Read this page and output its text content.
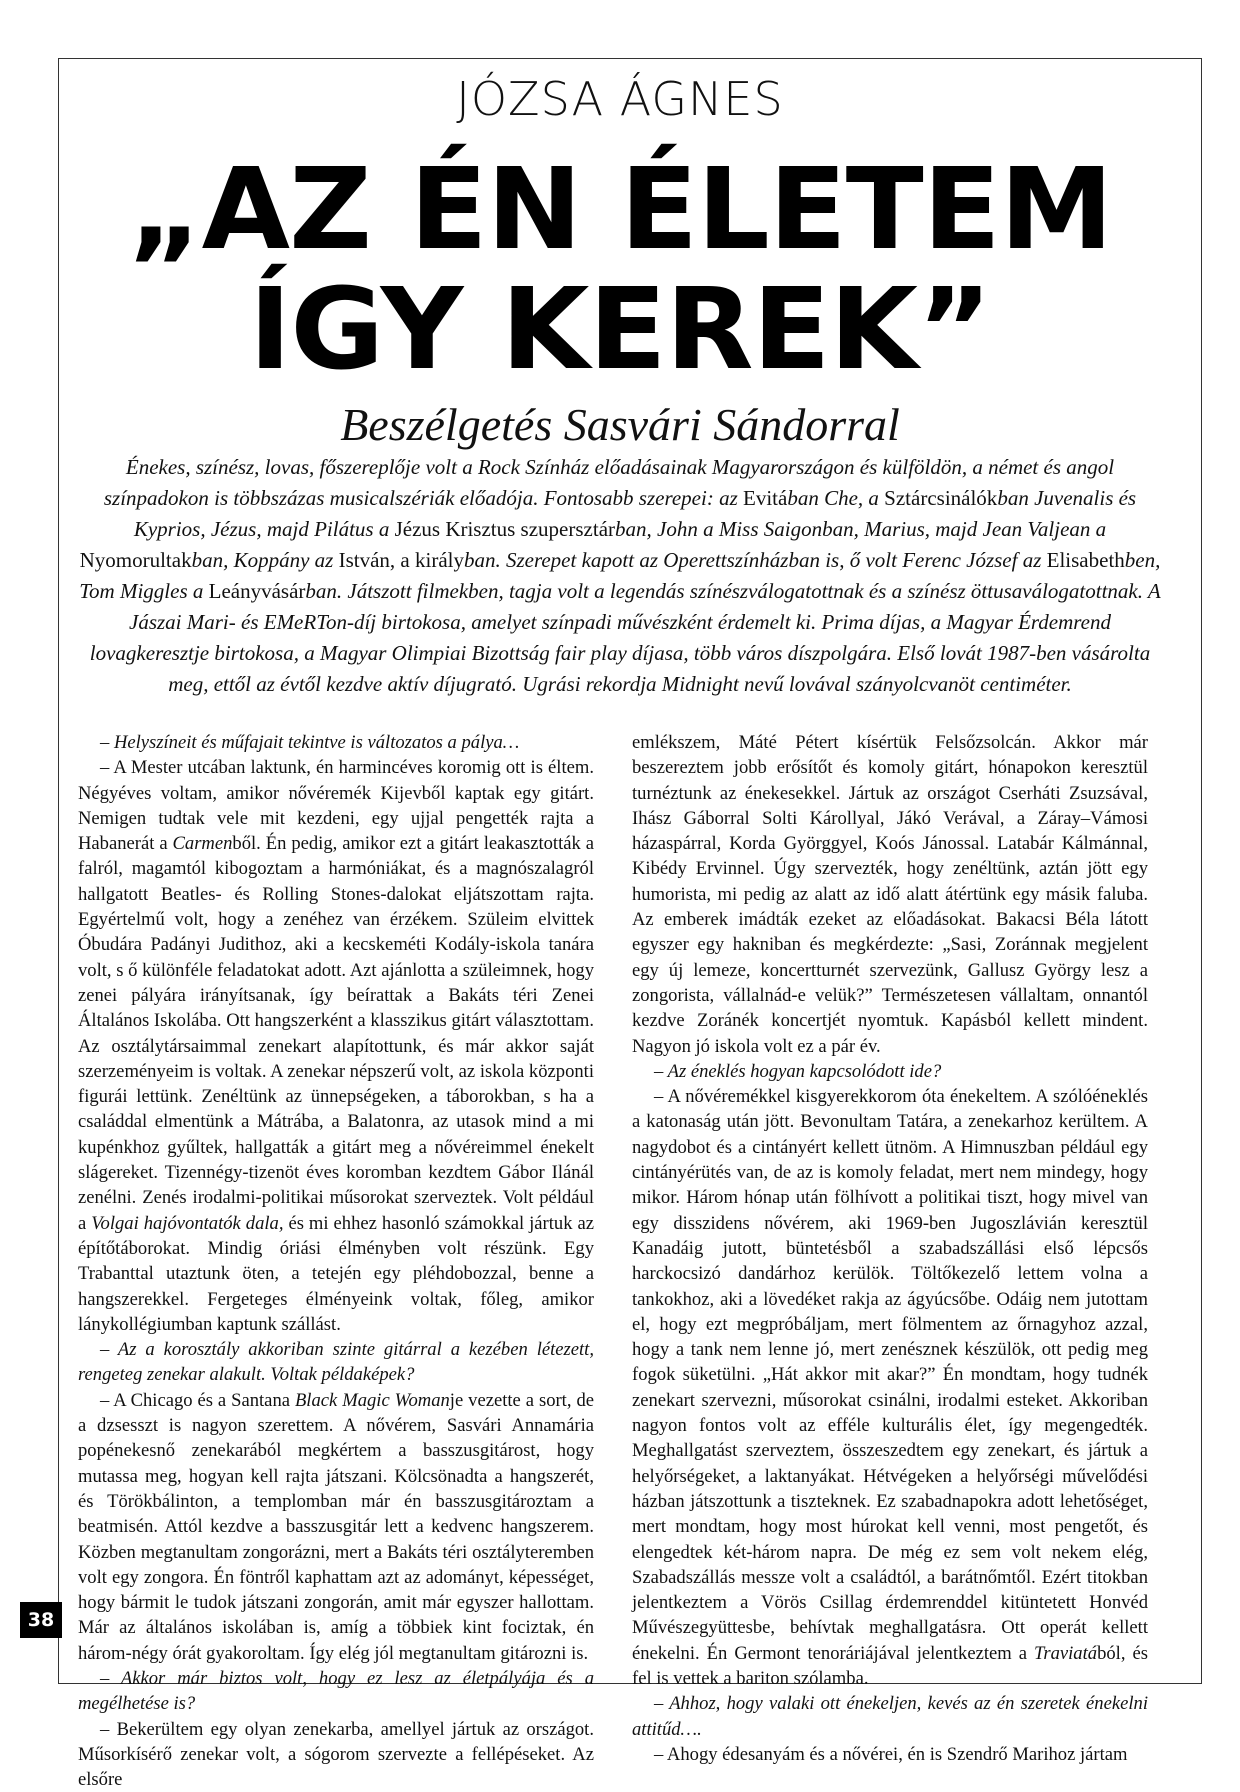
JÓZSA ÁGNES
„AZ ÉN ÉLETEM
ÍGY KEREK”
Beszélgetés Sasvári Sándorral
Énekes, színész, lovas, főszereplője volt a Rock Színház előadásainak Magyarországon és külföldön, a német és angol színpadokon is többszázas musicalszériák előadója. Fontosabb szerepei: az Evitában Che, a Sztárcsinálókban Juvenalis és Kyprios, Jézus, majd Pilátus a Jézus Krisztus szupersztárban, John a Miss Saigonban, Marius, majd Jean Valjean a Nyomorultakban, Koppány az István, a királyban. Szerepet kapott az Operettszínházban is, ő volt Ferenc József az Elisabethben, Tom Miggles a Leányvásárban. Játszott filmekben, tagja volt a legendás színészválogatottnak és a színész öttusaválogatottnak. A Jászai Mari- és EMeRTon-díj birtokosa, amelyet színpadi művészként érdemelt ki. Prima díjas, a Magyar Érdemrend lovagkeresztje birtokosa, a Magyar Olimpiai Bizottság fair play díjasa, több város díszpolgára. Első lovát 1987-ben vásárolta meg, ettől az évtől kezdve aktív díjugrató. Ugrási rekordja Midnight nevű lovával szányolcvanöt centiméter.

– Helyszíneit és műfajait tekintve is változatos a pálya…

– A Mester utcában laktunk, én harmincéves koromig ott is éltem. Négyéves voltam, amikor nővéremék Kijevből kaptak egy gitárt. Nemigen tudtak vele mit kezdeni, egy ujjal pengették rajta a Habanerát a Carmenből. Én pedig, amikor ezt a gitárt leakasztották a falról, magamtól kibogoztam a harmóniákat, és a magnószalagról hallgatott Beatles- és Rolling Stones-dalokat eljátszottam rajta. Egyértelmű volt, hogy a zenéhez van érzékem. Szüleim elvittek Óbudára Padányi Judithoz, aki a kecskeméti Kodály-iskola tanára volt, s ő különféle feladatokat adott. Azt ajánlotta a szüleimnek, hogy zenei pályára irányítsanak, így beírattak a Bakáts téri Zenei Általános Iskolába. Ott hangszerként a klasszikus gitárt választottam. Az osztálytársaimmal zenekart alapítottunk, és már akkor saját szerzeményeim is voltak. A zenekar népszerű volt, az iskola központi figurái lettünk. Zenéltünk az ünnepségeken, a táborokban, s ha a családdal elmentünk a Mátrába, a Balatonra, az utasok mind a mi kupénkhoz gyűltek, hallgatták a gitárt meg a nővéreimmel énekelt slágereket. Tizennégy-tizenöt éves koromban kezdtem Gábor Ilánál zenélni. Zenés irodalmi-politikai műsorokat szerveztek. Volt például a Volgai hajóvontatók dala, és mi ehhez hasonló számokkal jártuk az építőtáborokat. Mindig óriási élményben volt részünk. Egy Trabanttal utaztunk öten, a tetején egy pléhdobozzal, benne a hangszerekkel. Fergeteges élményeink voltak, főleg, amikor lánykollégiumban kaptunk szállást.

– Az a korosztály akkoriban szinte gitárral a kezében létezett, rengeteg zenekar alakult. Voltak példaképek?

– A Chicago és a Santana Black Magic Womanje vezette a sort, de a dzsesszt is nagyon szerettem. A nővérem, Sasvári Annamária popénekesnő zenekarából megkértem a basszusgitárost, hogy mutassa meg, hogyan kell rajta játszani. Kölcsönadta a hangszerét, és Törökbálinton, a templomban már én basszusgitároztam a beatmisén. Attól kezdve a basszusgitár lett a kedvenc hangszerem. Közben megtanultam zongorázni, mert a Bakáts téri osztályteremben volt egy zongora. Én föntről kaphattam azt az adományt, képességet, hogy bármit le tudok játszani zongorán, amit már egyszer hallottam. Már az általános iskolában is, amíg a többiek kint fociztak, én három-négy órát gyakoroltam. Így elég jól megtanultam gitározni is.

– Akkor már biztos volt, hogy ez lesz az életpályája és a megélhetése is?

– Bekerültem egy olyan zenekarba, amellyel jártuk az országot. Műsorkísérő zenekar volt, a sógorom szervezte a fellépéseket. Az elsőre

emlékszem, Máté Pétert kísértük Felsőzsolcán. Akkor már beszereztem jobb erősítőt és komoly gitárt, hónapokon keresztül turnéztunk az énekesekkel. Jártuk az országot Cserháti Zsuzsával, Ihász Gáborral Solti Károllyal, Jákó Verával, a Záray–Vámosi házaspárral, Korda Györggyel, Koós Jánossal. Latabár Kálmánnal, Kibédy Ervinnel. Úgy szervezték, hogy zenéltünk, aztán jött egy humorista, mi pedig az alatt az idő alatt átértünk egy másik faluba. Az emberek imádták ezeket az előadásokat. Bakacsi Béla látott egyszer egy hakniban és megkérdezte: „Sasi, Zoránnak megjelent egy új lemeze, koncertturnét szervezünk, Gallusz György lesz a zongorista, vállalnád-e velük?” Természetesen vállaltam, onnantól kezdve Zoránék koncertjét nyomtuk. Kapásból kellett mindent. Nagyon jó iskola volt ez a pár év.

– Az éneklés hogyan kapcsolódott ide?

– A nővéremékkel kisgyerekkorom óta énekeltem. A szólóéneklés a katonaság után jött. Bevonultam Tatára, a zenekarhoz kerültem. A nagydobot és a cintányért kellett ütnöm. A Himnuszban például egy cintányérütés van, de az is komoly feladat, mert nem mindegy, hogy mikor. Három hónap után fölhívott a politikai tiszt, hogy mivel van egy disszidens nővérem, aki 1969-ben Jugoszlávián keresztül Kanadáig jutott, büntetésből a szabadszállási első lépcsős harckocsizó dandárhoz kerülök. Töltőkezelő lettem volna a tankokhoz, aki a lövedéket rakja az ágyúcsőbe. Odáig nem jutottam el, hogy ezt megpróbáljam, mert fölmentem az őrnagyhoz azzal, hogy a tank nem lenne jó, mert zenésznek készülök, ott pedig meg fogok süketülni. „Hát akkor mit akar?” Én mondtam, hogy tudnék zenekart szervezni, műsorokat csinálni, irodalmi esteket. Akkoriban nagyon fontos volt az efféle kulturális élet, így megengedték. Meghallgatást szerveztem, összeszedtem egy zenekart, és jártuk a helyőrségeket, a laktanyákat. Hétvégeken a helyőrségi művelődési házban játszottunk a tiszteknek. Ez szabadnapokra adott lehetőséget, mert mondtam, hogy most húrokat kell venni, most pengetőt, és elengedtek két-három napra. De még ez sem volt nekem elég, Szabadszállás messze volt a családtól, a barátnőmtől. Ezért titokban jelentkeztem a Vörös Csillag érdemrenddel kitüntetett Honvéd Művészegyüttesbe, behívtak meghallgatásra. Ott operát kellett énekelni. Én Germont tenoráriájával jelentkeztem a Traviatából, és fel is vettek a bariton szólamba.

– Ahhoz, hogy valaki ott énekeljen, kevés az én szeretek énekelni attitűd….

– Ahogy édesanyám és a nővérei, én is Szendrő Marihoz jártam

38
